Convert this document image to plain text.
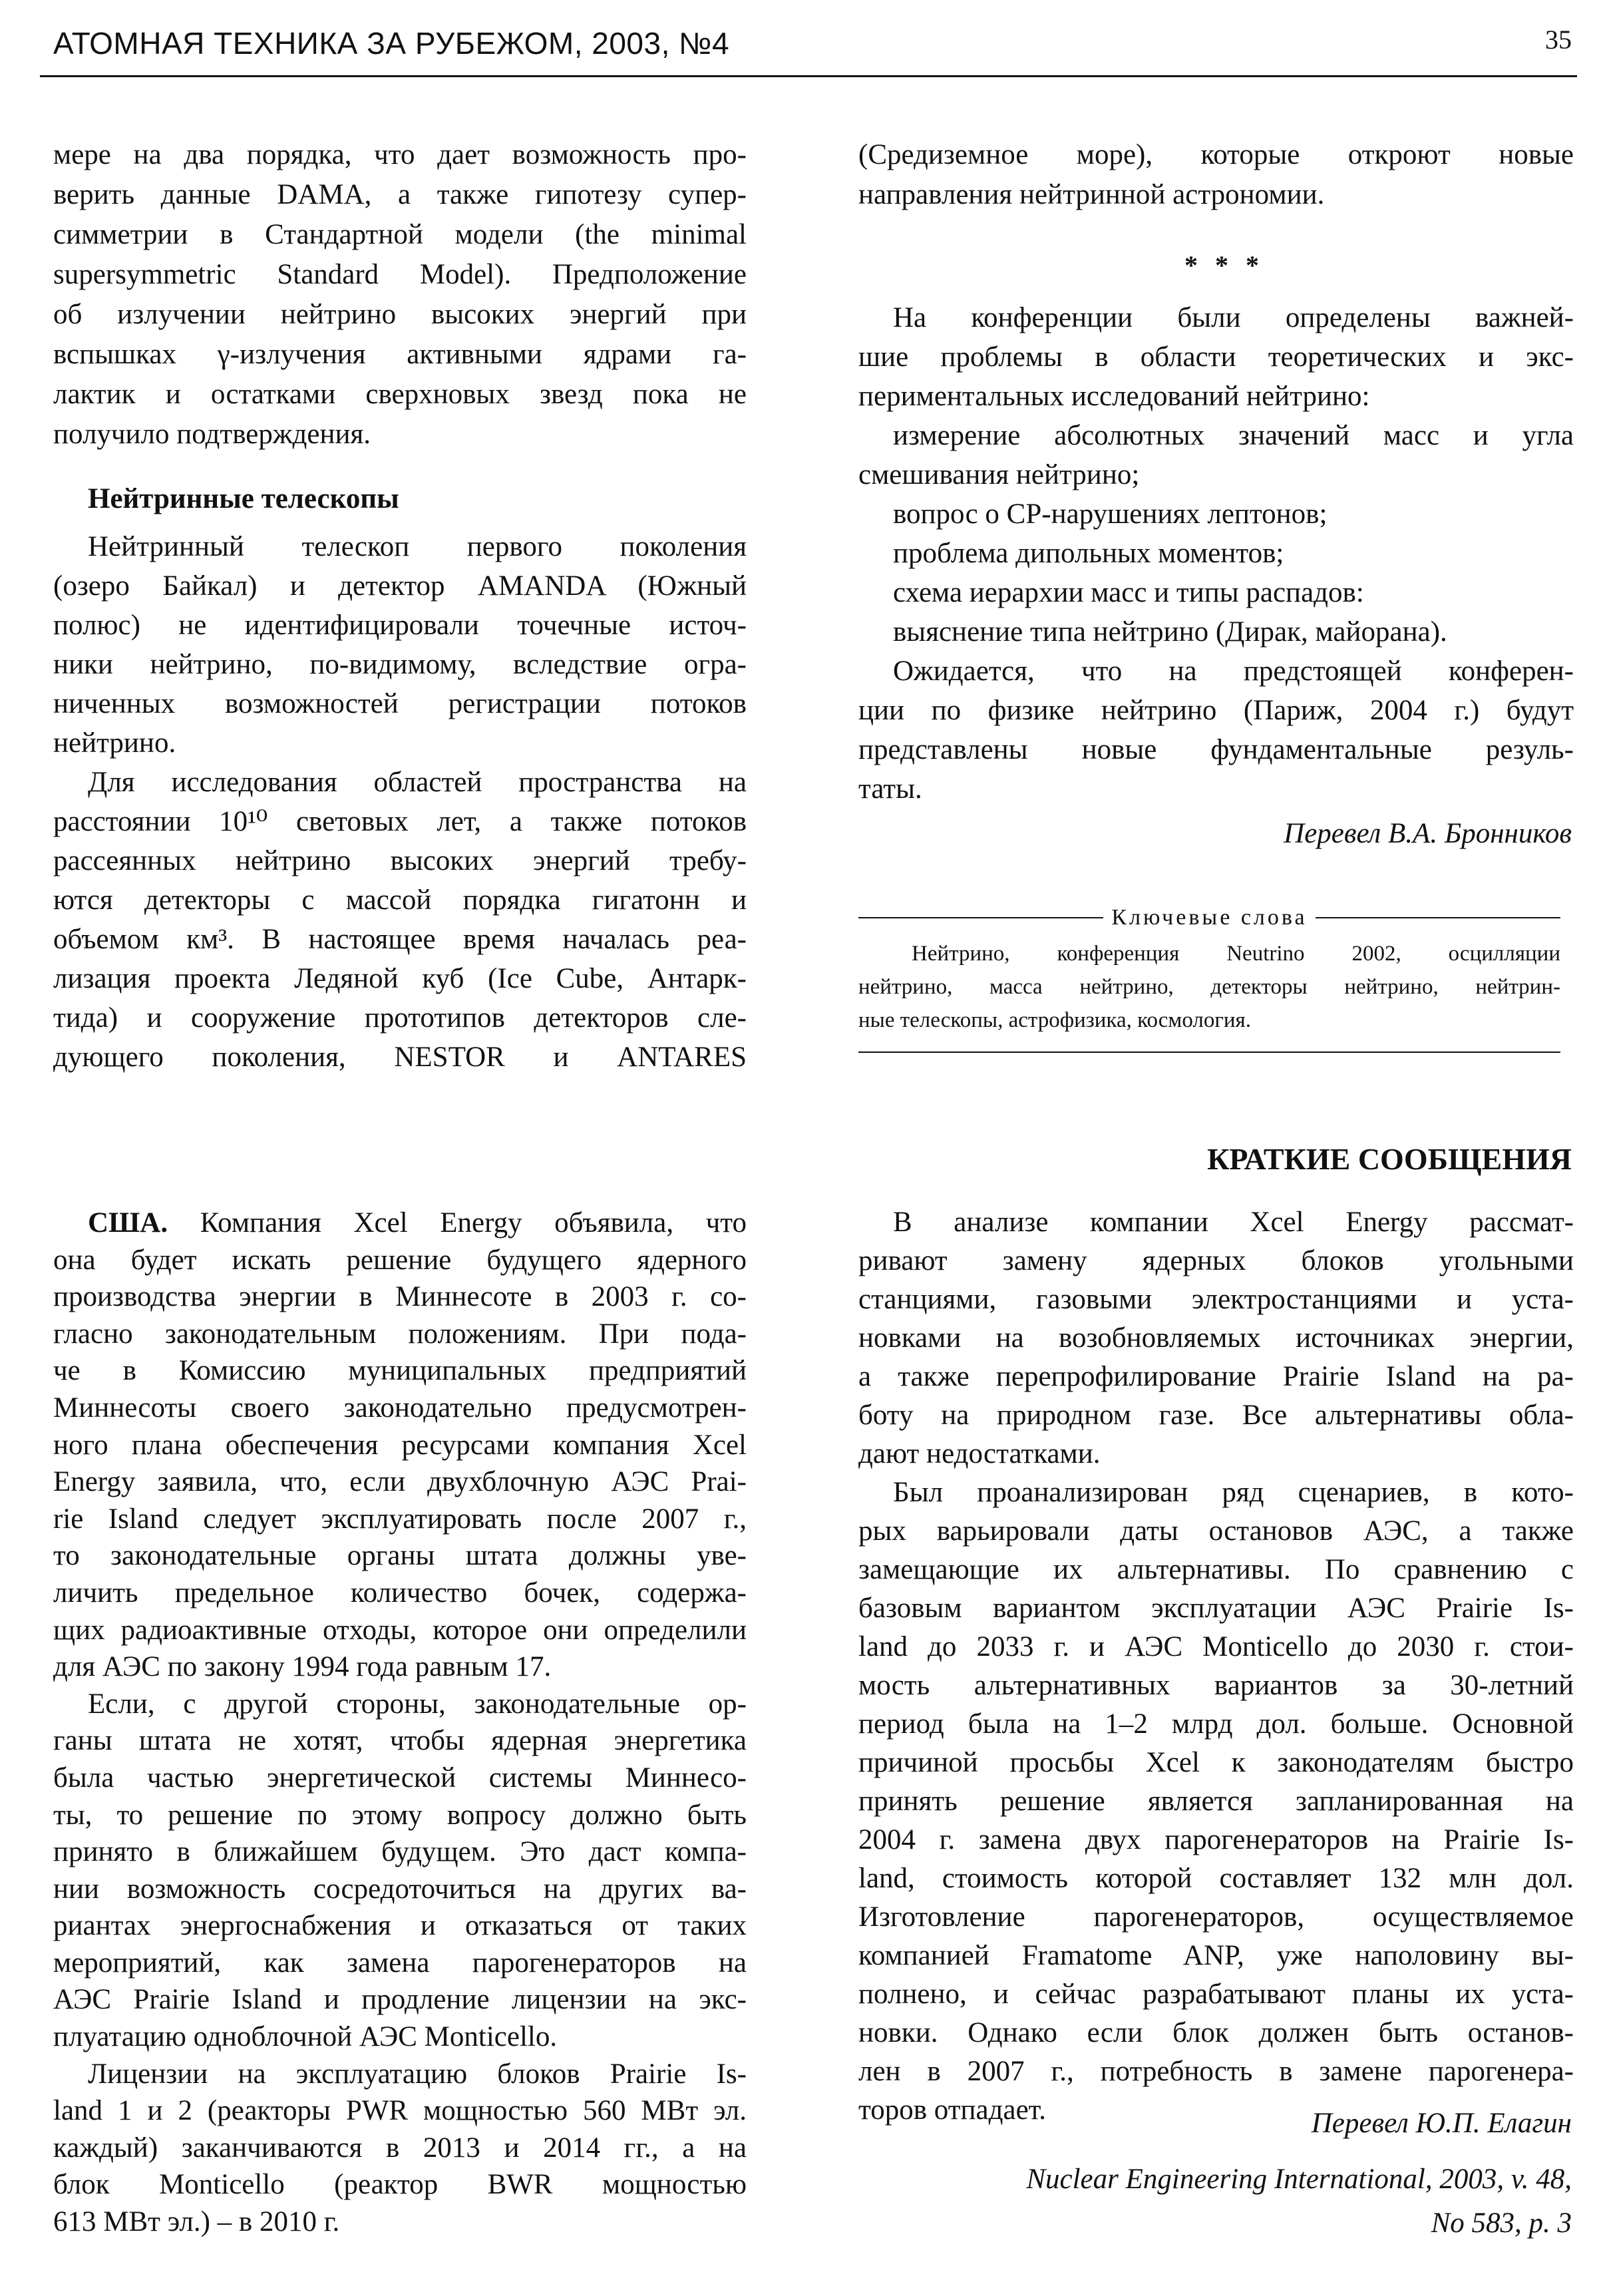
АТОМНАЯ ТЕХНИКА ЗА РУБЕЖОМ, 2003, №4	35
мере на два порядка, что дает возможность про-
верить данные DAMA, а также гипотезу супер-
симметрии в Стандартной модели (the minimal
supersymmetric Standard Model). Предположение
об излучении нейтрино высоких энергий при
вспышках γ-излучения активными ядрами га-
лактик и остатками сверхновых звезд пока не
получило подтверждения.
Нейтринные телескопы
Нейтринный телескоп первого поколения
(озеро Байкал) и детектор AMANDA (Южный
полюс) не идентифицировали точечные источ-
ники нейтрино, по-видимому, вследствие огра-
ниченных возможностей регистрации потоков
нейтрино.
Для исследования областей пространства на
расстоянии 10¹⁰ световых лет, а также потоков
рассеянных нейтрино высоких энергий требу-
ются детекторы с массой порядка гигатонн и
объемом км³. В настоящее время началась реа-
лизация проекта Ледяной куб (Ice Cube, Антарк-
тида) и сооружение прототипов детекторов сле-
дующего поколения, NESTOR и ANTARES
(Средиземное море), которые откроют новые
направления нейтринной астрономии.
* * *
На конференции были определены важней-
шие проблемы в области теоретических и экс-
периментальных исследований нейтрино:
измерение абсолютных значений масс и угла
смешивания нейтрино;
вопрос о CP-нарушениях лептонов;
проблема дипольных моментов;
схема иерархии масс и типы распадов:
выяснение типа нейтрино (Дирак, майорана).
Ожидается, что на предстоящей конферен-
ции по физике нейтрино (Париж, 2004 г.) будут
представлены новые фундаментальные резуль-
таты.
Перевел В.А. Бронников
Ключевые слова
Нейтрино, конференция Neutrino 2002, осцилляции
нейтрино, масса нейтрино, детекторы нейтрино, нейтрин-
ные телескопы, астрофизика, космология.
КРАТКИЕ СООБЩЕНИЯ
США. Компания Xcel Energy объявила, что
она будет искать решение будущего ядерного
производства энергии в Миннесоте в 2003 г. со-
гласно законодательным положениям. При пода-
че в Комиссию муниципальных предприятий
Миннесоты своего законодательно предусмотрен-
ного плана обеспечения ресурсами компания Xcel
Energy заявила, что, если двухблочную АЭС Prai-
rie Island следует эксплуатировать после 2007 г.,
то законодательные органы штата должны уве-
личить предельное количество бочек, содержа-
щих радиоактивные отходы, которое они определили
для АЭС по закону 1994 года равным 17.
Если, с другой стороны, законодательные ор-
ганы штата не хотят, чтобы ядерная энергетика
была частью энергетической системы Миннесо-
ты, то решение по этому вопросу должно быть
принято в ближайшем будущем. Это даст компа-
нии возможность сосредоточиться на других ва-
риантах энергоснабжения и отказаться от таких
мероприятий, как замена парогенераторов на
АЭС Prairie Island и продление лицензии на экс-
плуатацию одноблочной АЭС Monticello.
Лицензии на эксплуатацию блоков Prairie Is-
land 1 и 2 (реакторы PWR мощностью 560 МВт эл.
каждый) заканчиваются в 2013 и 2014 гг., а на
блок Monticello (реактор BWR мощностью
613 МВт эл.) – в 2010 г.
В анализе компании Xcel Energy рассмат-
ривают замену ядерных блоков угольными
станциями, газовыми электростанциями и уста-
новками на возобновляемых источниках энергии,
а также перепрофилирование Prairie Island на ра-
боту на природном газе. Все альтернативы обла-
дают недостатками.
Был проанализирован ряд сценариев, в кото-
рых варьировали даты остановов АЭС, а также
замещающие их альтернативы. По сравнению с
базовым вариантом эксплуатации АЭС Prairie Is-
land до 2033 г. и АЭС Monticello до 2030 г. стои-
мость альтернативных вариантов за 30-летний
период была на 1–2 млрд дол. больше. Основной
причиной просьбы Xcel к законодателям быстро
принять решение является запланированная на
2004 г. замена двух парогенераторов на Prairie Is-
land, стоимость которой составляет 132 млн дол.
Изготовление парогенераторов, осуществляемое
компанией Framatome ANP, уже наполовину вы-
полнено, и сейчас разрабатывают планы их уста-
новки. Однако если блок должен быть останов-
лен в 2007 г., потребность в замене парогенера-
торов отпадает.	Перевел Ю.П. Елагин
Nuclear Engineering International, 2003, v. 48,
No 583, p. 3
